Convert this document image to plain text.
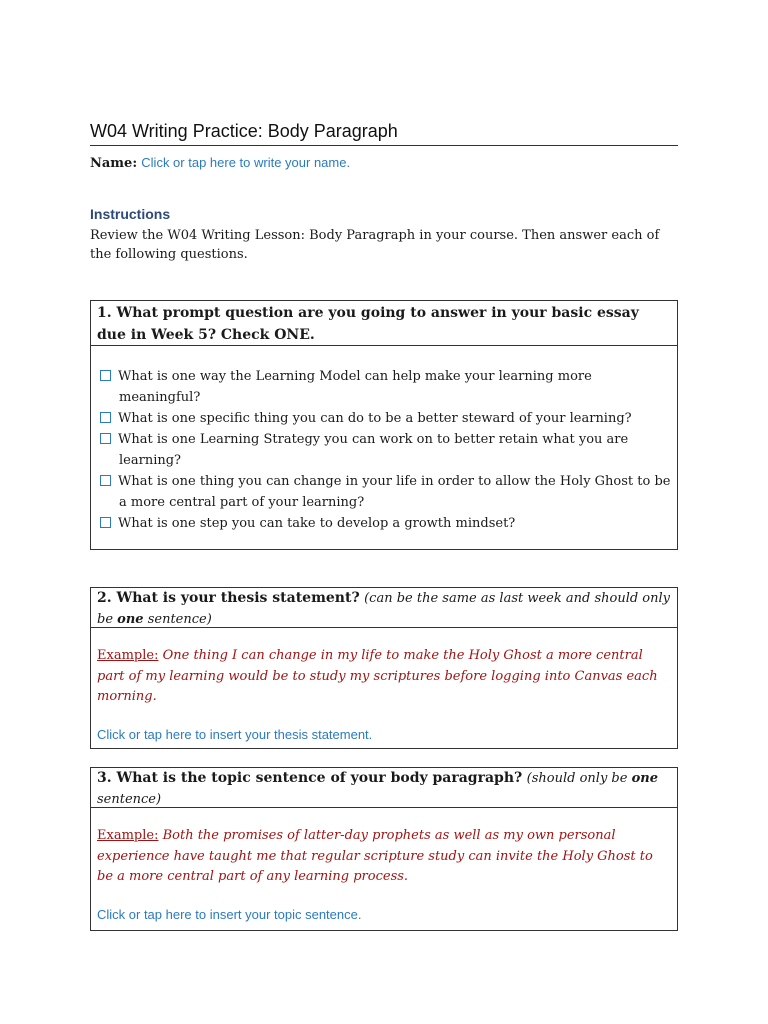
W04 Writing Practice: Body Paragraph
Name: Click or tap here to write your name.
Instructions
Review the W04 Writing Lesson: Body Paragraph in your course. Then answer each of the following questions.
1. What prompt question are you going to answer in your basic essay due in Week 5? Check ONE.
What is one way the Learning Model can help make your learning more meaningful?
What is one specific thing you can do to be a better steward of your learning?
What is one Learning Strategy you can work on to better retain what you are learning?
What is one thing you can change in your life in order to allow the Holy Ghost to be a more central part of your learning?
What is one step you can take to develop a growth mindset?
2. What is your thesis statement? (can be the same as last week and should only be one sentence)
Example: One thing I can change in my life to make the Holy Ghost a more central part of my learning would be to study my scriptures before logging into Canvas each morning.
Click or tap here to insert your thesis statement.
3. What is the topic sentence of your body paragraph? (should only be one sentence)
Example: Both the promises of latter-day prophets as well as my own personal experience have taught me that regular scripture study can invite the Holy Ghost to be a more central part of any learning process.
Click or tap here to insert your topic sentence.
